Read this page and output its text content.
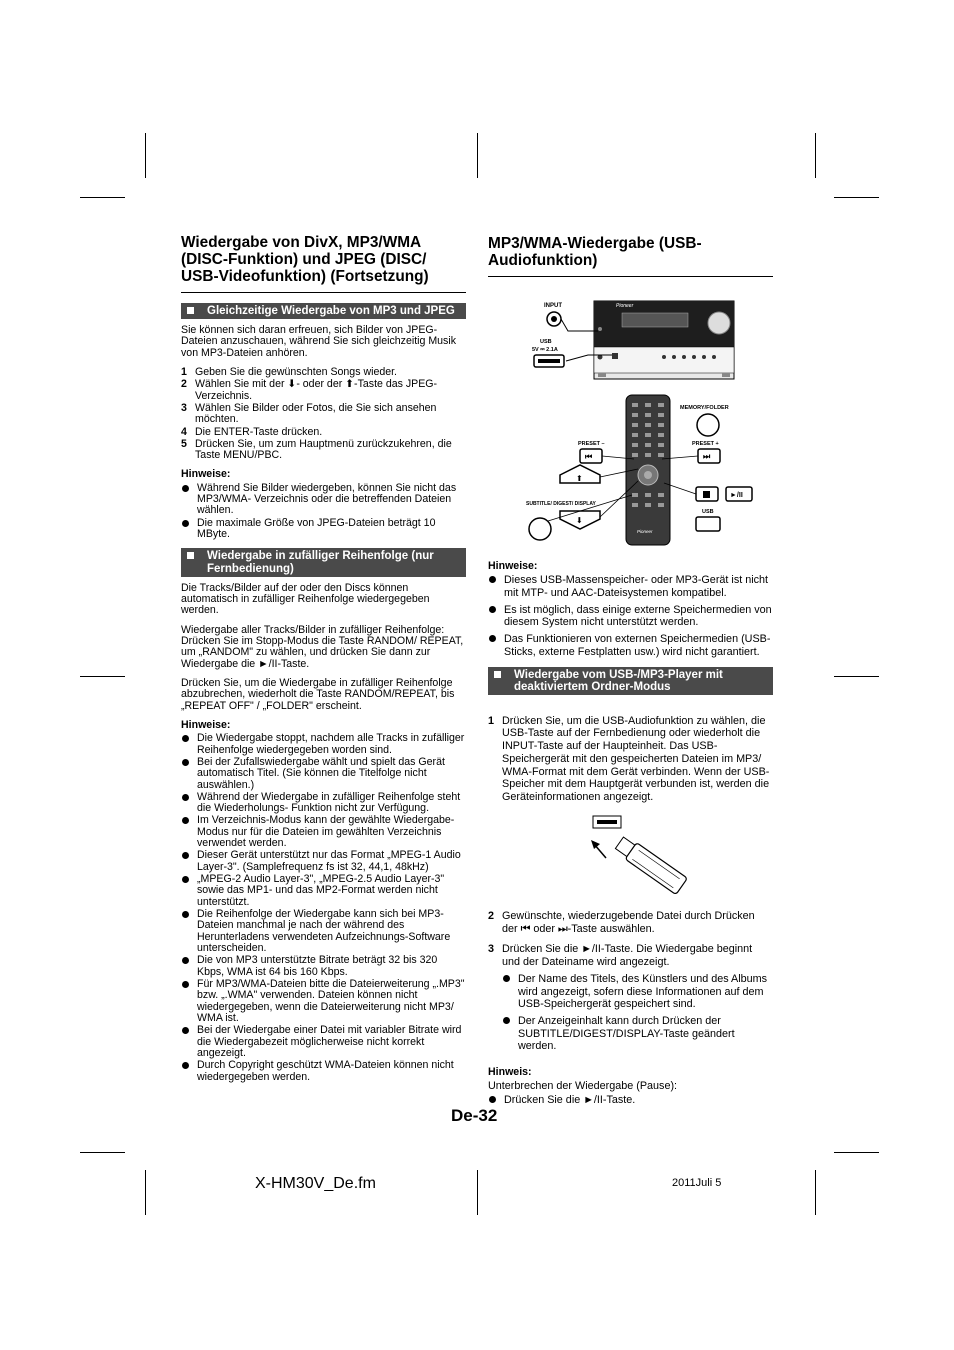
Wiedergabe von DivX, MP3/WMA (DISC-Funktion) und JPEG (DISC/ USB-Videofunktion) (Fortsetzung)
Gleichzeitige Wiedergabe von MP3 und JPEG

Sie können sich daran erfreuen, sich Bilder von JPEG-Dateien anzuschauen, während Sie sich gleichzeitig Musik von MP3-Dateien anhören.

1 Geben Sie die gewünschten Songs wieder.
2 Wählen Sie mit der ⬇- oder der ⬆-Taste das JPEG-Verzeichnis.
3 Wählen Sie Bilder oder Fotos, die Sie sich ansehen möchten.
4 Die ENTER-Taste drücken.
5 Drücken Sie, um zum Hauptmenü zurückzukehren, die Taste MENU/PBC.
Hinweise:
Während Sie Bilder wiedergeben, können Sie nicht das MP3/WMA- Verzeichnis oder die betreffenden Dateien wählen.
Die maximale Größe von JPEG-Dateien beträgt 10 MByte.
Wiedergabe in zufälliger Reihenfolge (nur Fernbedienung)

Die Tracks/Bilder auf der oder den Discs können automatisch in zufälliger Reihenfolge wiedergegeben werden.

Wiedergabe aller Tracks/Bilder in zufälliger Reihenfolge: Drücken Sie im Stopp-Modus die Taste RANDOM/ REPEAT, um „RANDOM" zu wählen, und drücken Sie dann zur Wiedergabe die ►/II-Taste.

Drücken Sie, um die Wiedergabe in zufälliger Reihenfolge abzubrechen, wiederholt die Taste RANDOM/REPEAT, bis „REPEAT OFF" / „FOLDER" erscheint.

Hinweise:
Die Wiedergabe stoppt, nachdem alle Tracks in zufälliger Reihenfolge wiedergegeben worden sind.
Bei der Zufallswiedergabe wählt und spielt das Gerät automatisch Titel. (Sie können die Titelfolge nicht auswählen.)
Während der Wiedergabe in zufälliger Reihenfolge steht die Wiederholungs- Funktion nicht zur Verfügung.
Im Verzeichnis-Modus kann der gewählte Wiedergabe-Modus nur für die Dateien im gewählten Verzeichnis verwendet werden.
Dieser Gerät unterstützt nur das Format „MPEG-1 Audio Layer-3". (Samplefrequenz fs ist 32, 44,1, 48kHz)
„MPEG-2 Audio Layer-3", „MPEG-2.5 Audio Layer-3" sowie das MP1- und das MP2-Format werden nicht unterstützt.
Die Reihenfolge der Wiedergabe kann sich bei MP3-Dateien manchmal je nach der während des Herunterladens verwendeten Aufzeichnungs-Software unterscheiden.
Die von MP3 unterstützte Bitrate beträgt 32 bis 320 Kbps, WMA ist 64 bis 160 Kbps.
Für MP3/WMA-Dateien bitte die Dateierweiterung „.MP3" bzw. „.WMA" verwenden. Dateien können nicht wiedergegeben, wenn die Dateierweiterung nicht MP3/ WMA ist.
Bei der Wiedergabe einer Datei mit variabler Bitrate wird die Wiedergabezeit möglicherweise nicht korrekt angezeigt.
Durch Copyright geschützt WMA-Dateien können nicht wiedergegeben werden.
MP3/WMA-Wiedergabe (USB-Audiofunktion)
Pioneer
INPUT
USB
5V ⎓ 2.1A
Pioneer
MEMORY/FOLDER
PRESET –
⏮
PRESET +
⏭
⬆
⬇
SUBTITLE/ DIGEST/ DISPLAY
►/II
USB
Hinweise:
Dieses USB-Massenspeicher- oder MP3-Gerät ist nicht mit MTP- und AAC-Dateisystemen kompatibel.
Es ist möglich, dass einige externe Speichermedien von diesem System nicht unterstützt werden.
Das Funktionieren von externen Speichermedien (USB-Sticks, externe Festplatten usw.) wird nicht garantiert.
Wiedergabe vom USB-/MP3-Player mit deaktiviertem Ordner-Modus
1 Drücken Sie, um die USB-Audiofunktion zu wählen, die USB-Taste auf der Fernbedienung oder wiederholt die INPUT-Taste auf der Haupteinheit. Das USB-Speichergerät mit den gespeicherten Dateien im MP3/ WMA-Format mit dem Gerät verbinden. Wenn der USB-Speicher mit dem Hauptgerät verbunden ist, werden die Geräteinformationen angezeigt.
2 Gewünschte, wiederzugebende Datei durch Drücken der ⏮ oder ⏭-Taste auswählen.
3 Drücken Sie die ►/II-Taste. Die Wiedergabe beginnt und der Dateiname wird angezeigt.
Der Name des Titels, des Künstlers und des Albums wird angezeigt, sofern diese Informationen auf dem USB-Speichergerät gespeichert sind.
Der Anzeigeinhalt kann durch Drücken der SUBTITLE/DIGEST/DISPLAY-Taste geändert werden.
Hinweis:
Unterbrechen der Wiedergabe (Pause):
Drücken Sie die ►/II-Taste.
De-32
X-HM30V_De.fm	2011Juli 5
